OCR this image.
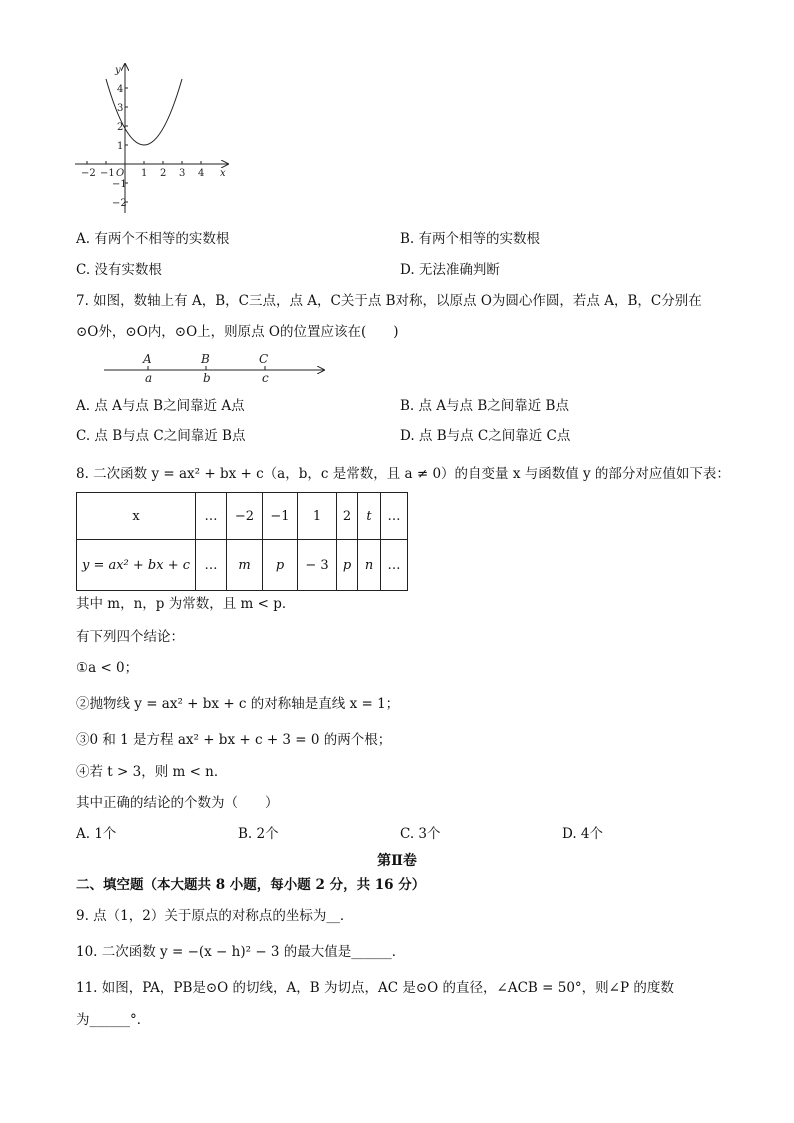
x
y
O
−2 −1	1 2 3 4
4
3
2
1
−1
−2
A. 有两个不相等的实数根	B. 有两个相等的实数根
C. 没有实数根	D. 无法准确判断
7. 如图，数轴上有 A，B，C三点，点 A，C关于点 B对称，以原点 O为圆心作圆，若点 A，B，C分别在
⊙O外，⊙O内，⊙O上，则原点 O的位置应该在(　　)
A	B	C
a	b	c
A. 点 A与点 B之间靠近 A点	B. 点 A与点 B之间靠近 B点
C. 点 B与点 C之间靠近 B点	D. 点 B与点 C之间靠近 C点
8. 二次函数 y = ax² + bx + c（a，b，c 是常数，且 a ≠ 0）的自变量 x 与函数值 y 的部分对应值如下表：
x	…	−2	−1	1	2	t	…
y = ax² + bx + c	…	m	p	− 3	p	n	…
其中 m，n，p 为常数，且 m < p．
有下列四个结论：
①a < 0；
②抛物线 y = ax² + bx + c 的对称轴是直线 x = 1；
③0 和 1 是方程 ax² + bx + c + 3 = 0 的两个根；
④若 t > 3，则 m < n．
其中正确的结论的个数为（　　）
A. 1个	B. 2个	C. 3个	D. 4个
第Ⅱ卷
二、填空题（本大题共 8 小题，每小题 2 分，共 16 分）
9. 点（1，2）关于原点的对称点的坐标为__．
10. 二次函数 y = −(x − h)² − 3 的最大值是______．
11. 如图，PA，PB是⊙O 的切线，A，B 为切点，AC 是⊙O 的直径，∠ACB = 50°，则∠P 的度数
为______°．
